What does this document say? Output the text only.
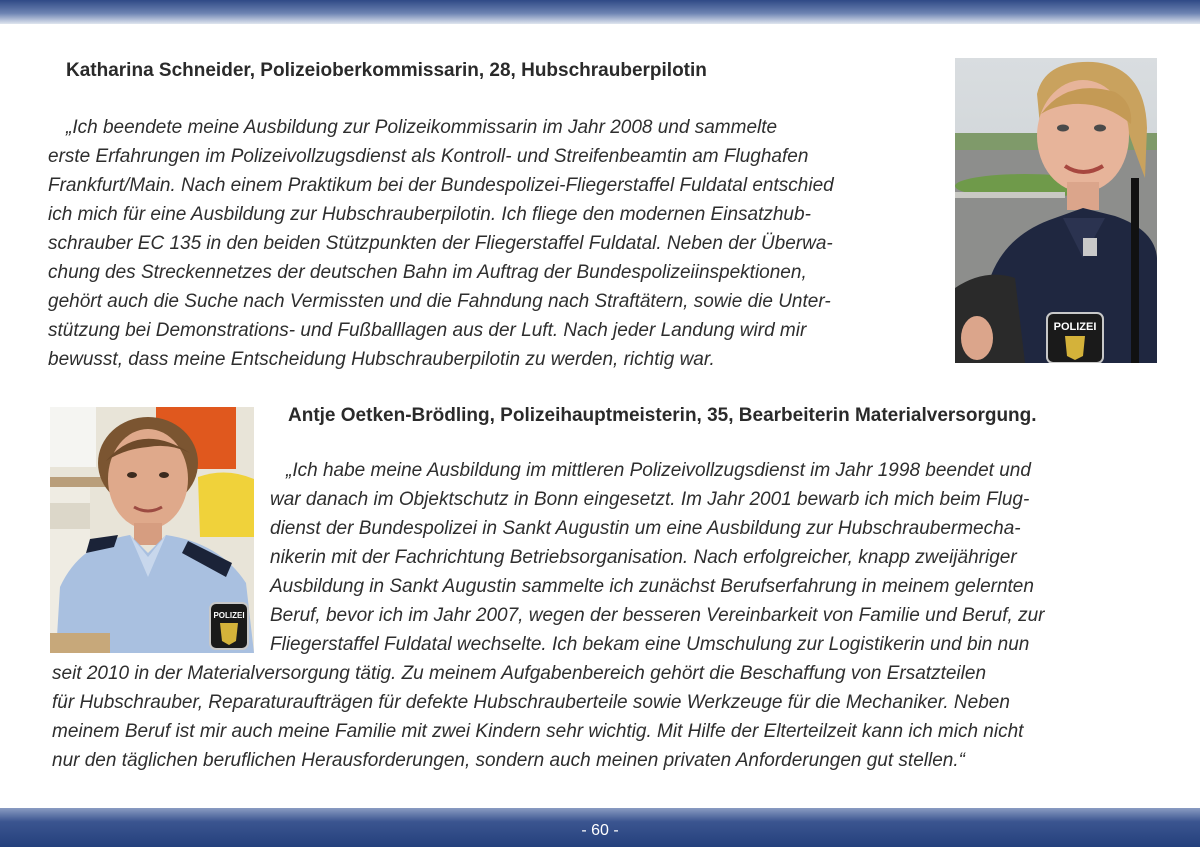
Katharina Schneider, Polizeioberkommissarin, 28, Hubschrauberpilotin
„Ich beendete meine Ausbildung zur Polizeikommissarin im Jahr 2008 und sammelte
erste Erfahrungen im Polizeivollzugsdienst als Kontroll- und Streifenbeamtin am Flughafen
Frankfurt/Main. Nach einem Praktikum bei der Bundespolizei-Fliegerstaffel Fuldatal entschied
ich mich für eine Ausbildung zur Hubschrauberpilotin. Ich fliege den modernen Einsatzhub-
schrauber EC 135 in den beiden Stützpunkten der Fliegerstaffel Fuldatal. Neben der Überwa-
chung des Streckennetzes der deutschen Bahn im Auftrag der Bundespolizeiinspektionen,
gehört auch die Suche nach Vermissten und die Fahndung nach Straftätern, sowie die Unter-
stützung bei Demonstrations- und Fußballlagen aus der Luft. Nach jeder Landung wird mir
bewusst, dass meine Entscheidung Hubschrauberpilotin zu werden, richtig war.
POLIZEI
Antje Oetken-Brödling, Polizeihauptmeisterin, 35, Bearbeiterin Materialversorgung.
POLIZEI
„Ich habe meine Ausbildung im mittleren Polizeivollzugsdienst im Jahr 1998 beendet und
war danach im Objektschutz in Bonn eingesetzt. Im Jahr 2001 bewarb ich mich beim Flug-
dienst der Bundespolizei in Sankt Augustin um eine Ausbildung zur Hubschraubermecha-
nikerin mit der Fachrichtung Betriebsorganisation. Nach erfolgreicher, knapp zweijähriger
Ausbildung in Sankt Augustin sammelte ich zunächst Berufserfahrung in meinem gelernten
Beruf, bevor ich im Jahr 2007, wegen der besseren Vereinbarkeit von Familie und Beruf, zur
Fliegerstaffel Fuldatal wechselte. Ich bekam eine Umschulung zur Logistikerin und bin nun
seit 2010 in der Materialversorgung tätig. Zu meinem Aufgabenbereich gehört die Beschaffung von Ersatzteilen
für Hubschrauber, Reparaturaufträgen für defekte Hubschrauberteile sowie Werkzeuge für die Mechaniker. Neben
meinem Beruf ist mir auch meine Familie mit zwei Kindern sehr wichtig. Mit Hilfe der Elterteilzeit kann ich mich nicht
nur den täglichen beruflichen Herausforderungen, sondern auch meinen privaten Anforderungen gut stellen.“
- 60 -
